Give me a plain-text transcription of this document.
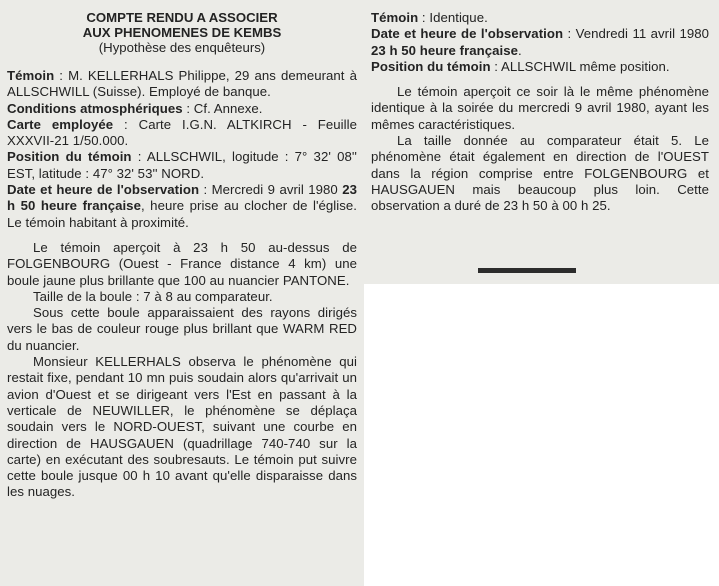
COMPTE RENDU A ASSOCIER
AUX PHENOMENES DE KEMBS
(Hypothèse des enquêteurs)

Témoin : M. KELLERHALS Philippe, 29 ans demeurant à ALLSCHWILL (Suisse). Employé de banque.

Conditions atmosphériques : Cf. Annexe.

Carte employée : Carte I.G.N. ALTKIRCH - Feuille XXXVII-21 1/50.000.

Position du témoin : ALLSCHWIL, logitude : 7° 32' 08'' EST, latitude : 47° 32' 53'' NORD.

Date et heure de l'observation : Mercredi 9 avril 1980 23 h 50 heure française, heure prise au clocher de l'église. Le témoin habitant à proximité.

Le témoin aperçoit à 23 h 50 au-dessus de FOLGENBOURG (Ouest - France distance 4 km) une boule jaune plus brillante que 100 au nuancier PANTONE.

Taille de la boule : 7 à 8 au comparateur.

Sous cette boule apparaissaient des rayons dirigés vers le bas de couleur rouge plus brillant que WARM RED du nuancier.

Monsieur KELLERHALS observa le phénomène qui restait fixe, pendant 10 mn puis soudain alors qu'arrivait un avion d'Ouest et se dirigeant vers l'Est en passant à la verticale de NEUWILLER, le phénomène se déplaça soudain vers le NORD-OUEST, suivant une courbe en direction de HAUSGAUEN (quadrillage 740-740 sur la carte) en exécutant des soubresauts. Le témoin put suivre cette boule jusque 00 h 10 avant qu'elle disparaisse dans les nuages.

Témoin : Identique.

Date et heure de l'observation : Vendredi 11 avril 1980 23 h 50 heure française.

Position du témoin : ALLSCHWIL même position.

Le témoin aperçoit ce soir là le même phénomène identique à la soirée du mercredi 9 avril 1980, ayant les mêmes caractéristiques.

La taille donnée au comparateur était 5. Le phénomène était également en direction de l'OUEST dans la région comprise entre FOLGENBOURG et HAUSGAUEN mais beaucoup plus loin. Cette observation a duré de 23 h 50 à 00 h 25.
